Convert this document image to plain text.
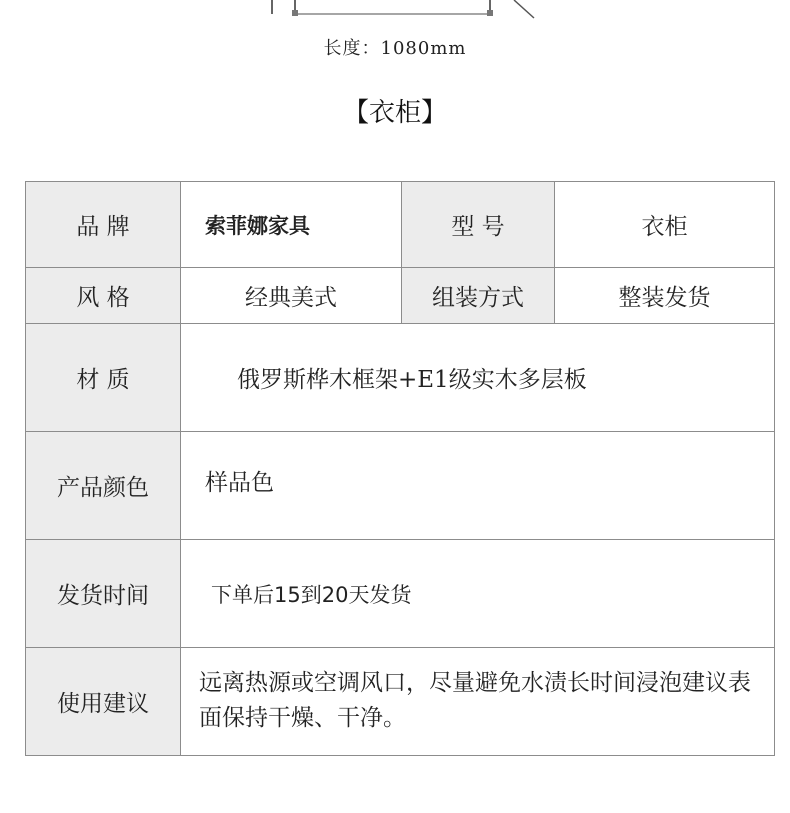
长度：1080mm
【衣柜】
品 牌	索菲娜家具	型 号	衣柜
风 格	经典美式	组装方式	整装发货
材 质	俄罗斯桦木框架+E1级实木多层板		
产品颜色	样品色		
发货时间	下单后15到20天发货		
使用建议	远离热源或空调风口，尽量避免水渍长时间浸泡建议表面保持干燥、干净。		
